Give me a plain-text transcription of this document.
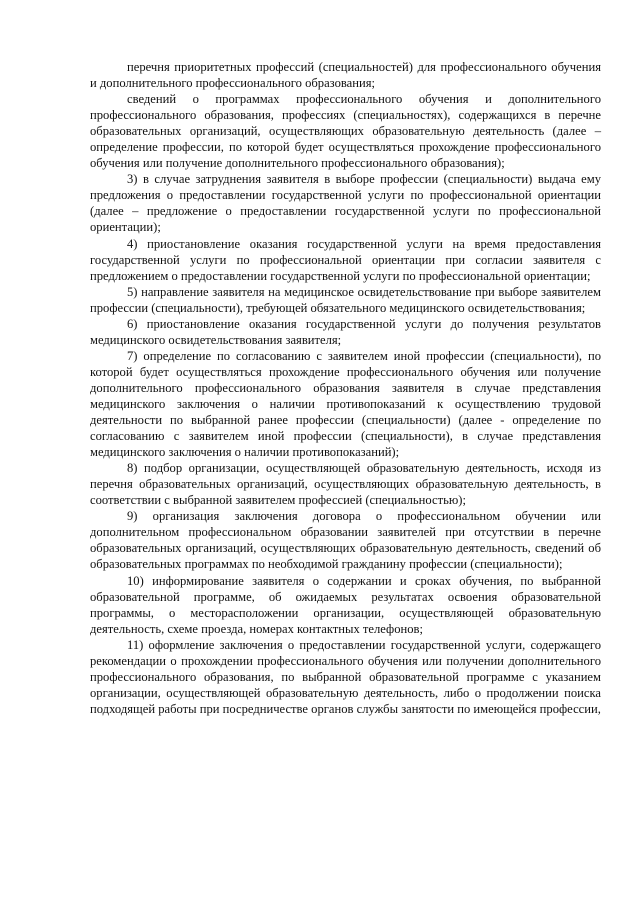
перечня приоритетных профессий (специальностей) для профессионального обучения и дополнительного профессионального образования;

сведений о программах профессионального обучения и дополнительного профессионального образования, профессиях (специальностях), содержащихся в перечне образовательных организаций, осуществляющих образовательную деятельность (далее – определение профессии, по которой будет осуществляться прохождение профессионального обучения или получение дополнительного профессионального образования);

3) в случае затруднения заявителя в выборе профессии (специальности) выдача ему предложения о предоставлении государственной услуги по профессиональной ориентации (далее – предложение о предоставлении государственной услуги по профессиональной ориентации);

4) приостановление оказания государственной услуги на время предоставления государственной услуги по профессиональной ориентации при согласии заявителя с предложением о предоставлении государственной услуги по профессиональной ориентации;

5) направление заявителя на медицинское освидетельствование при выборе заявителем профессии (специальности), требующей обязательного медицинского освидетельствования;

6) приостановление оказания государственной услуги до получения результатов медицинского освидетельствования заявителя;

7) определение по согласованию с заявителем иной профессии (специальности), по которой будет осуществляться прохождение профессионального обучения или получение дополнительного профессионального образования заявителя в случае представления медицинского заключения о наличии противопоказаний к осуществлению трудовой деятельности по выбранной ранее профессии (специальности) (далее - определение по согласованию с заявителем иной профессии (специальности), в случае представления медицинского заключения о наличии противопоказаний);

8) подбор организации, осуществляющей образовательную деятельность, исходя из перечня образовательных организаций, осуществляющих образовательную деятельность, в соответствии с выбранной заявителем профессией (специальностью);

9) организация заключения договора о профессиональном обучении или дополнительном профессиональном образовании заявителей при отсутствии в перечне образовательных организаций, осуществляющих образовательную деятельность, сведений об образовательных программах по необходимой гражданину профессии (специальности);

10) информирование заявителя о содержании и сроках обучения, по выбранной образовательной программе, об ожидаемых результатах освоения образовательной программы, о месторасположении организации, осуществляющей образовательную деятельность, схеме проезда, номерах контактных телефонов;

11) оформление заключения о предоставлении государственной услуги, содержащего рекомендации о прохождении профессионального обучения или получении дополнительного профессионального образования, по выбранной образовательной программе с указанием организации, осуществляющей образовательную деятельность, либо о продолжении поиска подходящей работы при посредничестве органов службы занятости по имеющейся профессии,
